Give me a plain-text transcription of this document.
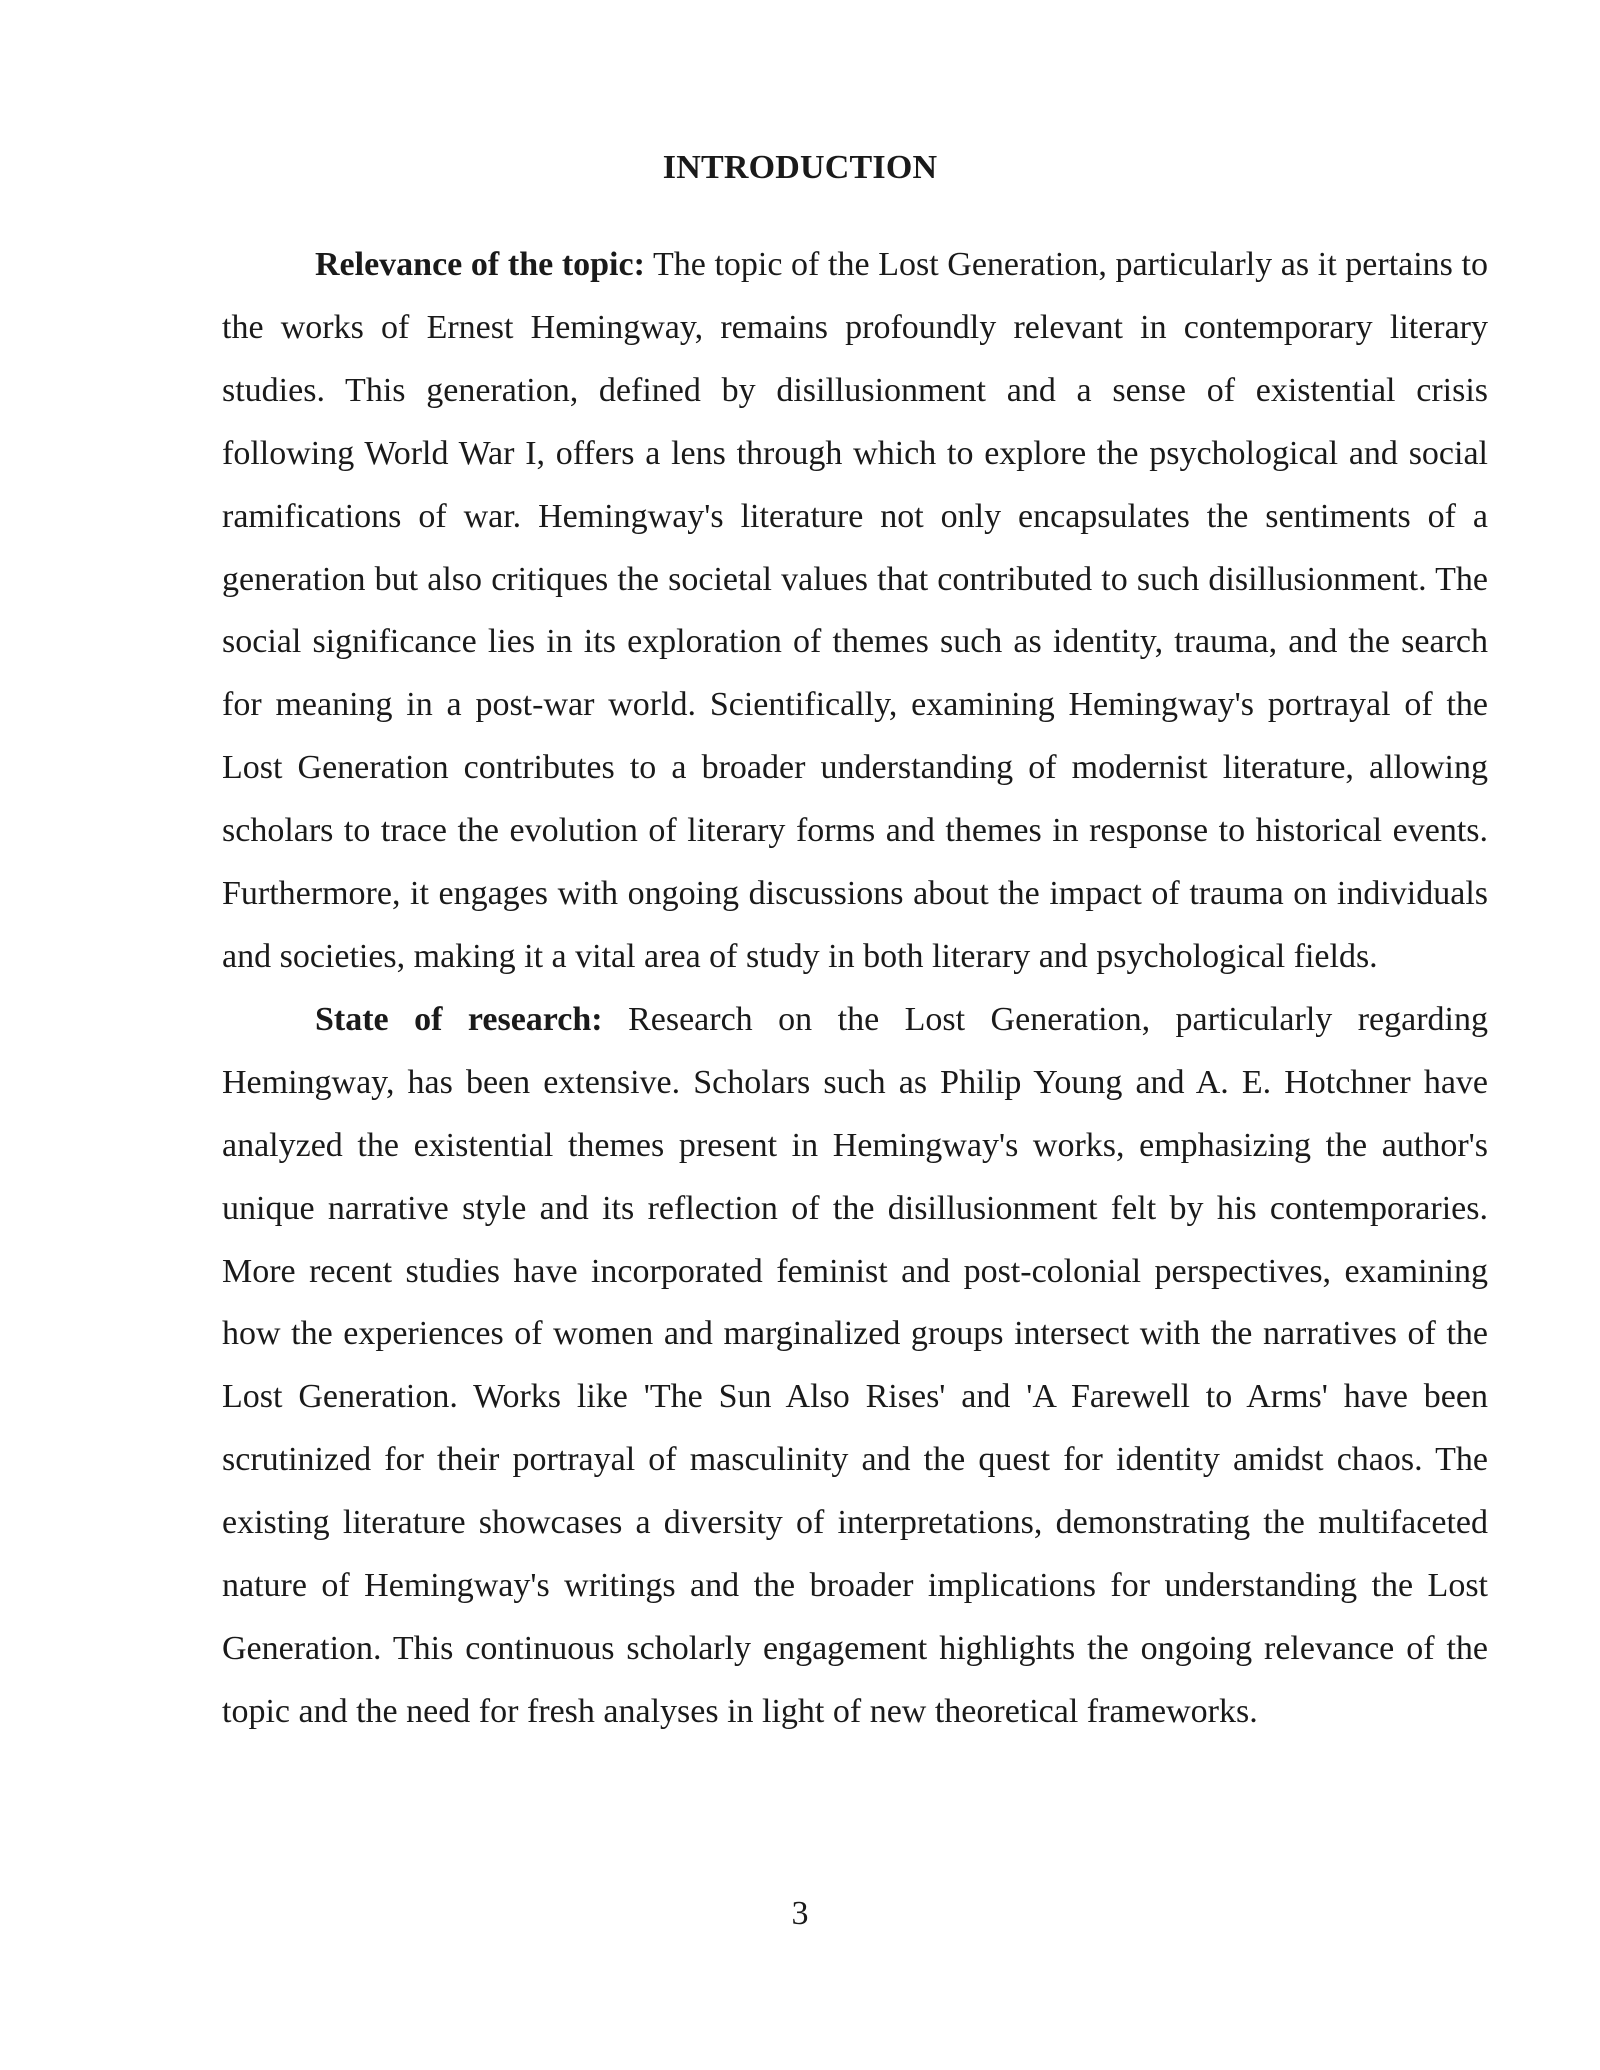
INTRODUCTION

Relevance of the topic: The topic of the Lost Generation, particularly as it pertains to the works of Ernest Hemingway, remains profoundly relevant in contemporary literary studies. This generation, defined by disillusionment and a sense of existential crisis following World War I, offers a lens through which to explore the psychological and social ramifications of war. Hemingway's literature not only encapsulates the sentiments of a generation but also critiques the societal values that contributed to such disillusionment. The social significance lies in its exploration of themes such as identity, trauma, and the search for meaning in a post-war world. Scientifically, examining Hemingway's portrayal of the Lost Generation contributes to a broader understanding of modernist literature, allowing scholars to trace the evolution of literary forms and themes in response to historical events. Furthermore, it engages with ongoing discussions about the impact of trauma on individuals and societies, making it a vital area of study in both literary and psychological fields.

State of research: Research on the Lost Generation, particularly regarding Hemingway, has been extensive. Scholars such as Philip Young and A. E. Hotchner have analyzed the existential themes present in Hemingway's works, emphasizing the author's unique narrative style and its reflection of the disillusionment felt by his contemporaries. More recent studies have incorporated feminist and post-colonial perspectives, examining how the experiences of women and marginalized groups intersect with the narratives of the Lost Generation. Works like 'The Sun Also Rises' and 'A Farewell to Arms' have been scrutinized for their portrayal of masculinity and the quest for identity amidst chaos. The existing literature showcases a diversity of interpretations, demonstrating the multifaceted nature of Hemingway's writings and the broader implications for understanding the Lost Generation. This continuous scholarly engagement highlights the ongoing relevance of the topic and the need for fresh analyses in light of new theoretical frameworks.

3
